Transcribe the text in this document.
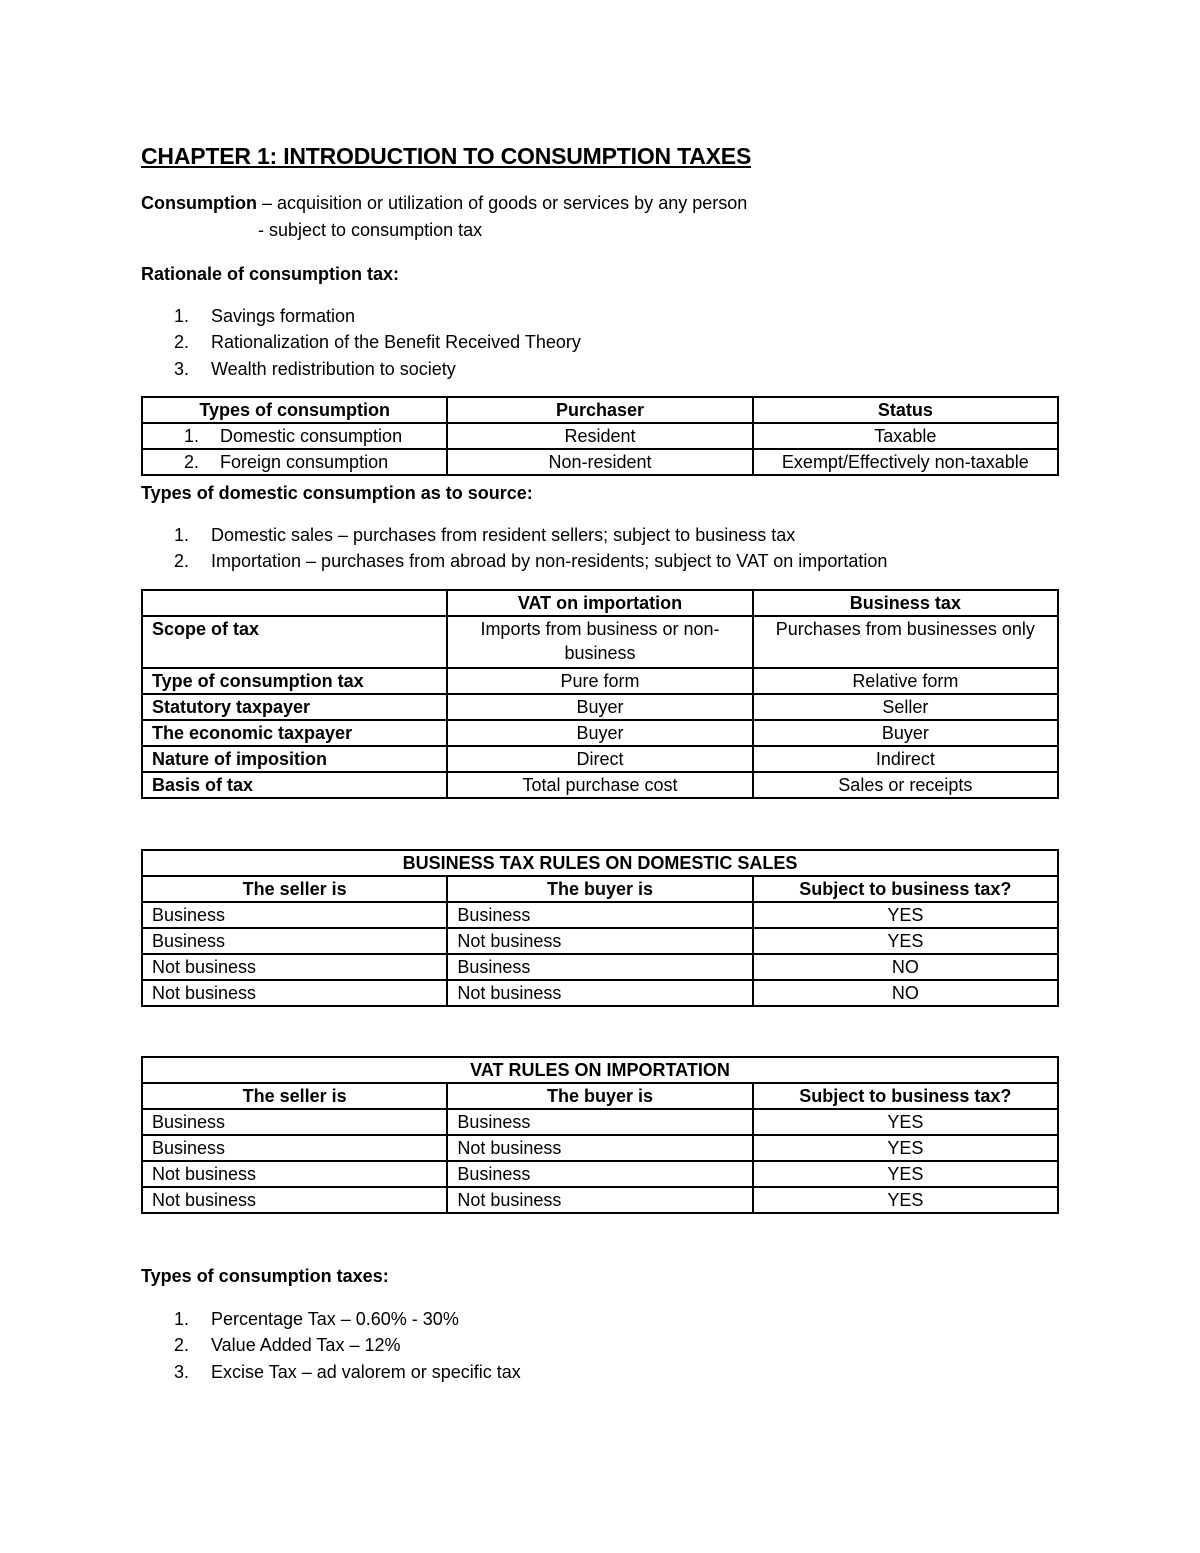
CHAPTER 1: INTRODUCTION TO CONSUMPTION TAXES
Consumption – acquisition or utilization of goods or services by any person
- subject to consumption tax
Rationale of consumption tax:
1. Savings formation
2. Rationalization of the Benefit Received Theory
3. Wealth redistribution to society
Types of consumption	Purchaser	Status
1. Domestic consumption	Resident	Taxable
2. Foreign consumption	Non-resident	Exempt/Effectively non-taxable
Types of domestic consumption as to source:
1. Domestic sales – purchases from resident sellers; subject to business tax
2. Importation – purchases from abroad by non-residents; subject to VAT on importation
	VAT on importation	Business tax
Scope of tax	Imports from business or non-business	Purchases from businesses only
Type of consumption tax	Pure form	Relative form
Statutory taxpayer	Buyer	Seller
The economic taxpayer	Buyer	Buyer
Nature of imposition	Direct	Indirect
Basis of tax	Total purchase cost	Sales or receipts
BUSINESS TAX RULES ON DOMESTIC SALES		
The seller is	The buyer is	Subject to business tax?
Business	Business	YES
Business	Not business	YES
Not business	Business	NO
Not business	Not business	NO
VAT RULES ON IMPORTATION		
The seller is	The buyer is	Subject to business tax?
Business	Business	YES
Business	Not business	YES
Not business	Business	YES
Not business	Not business	YES
Types of consumption taxes:
1. Percentage Tax – 0.60% - 30%
2. Value Added Tax – 12%
3. Excise Tax – ad valorem or specific tax
